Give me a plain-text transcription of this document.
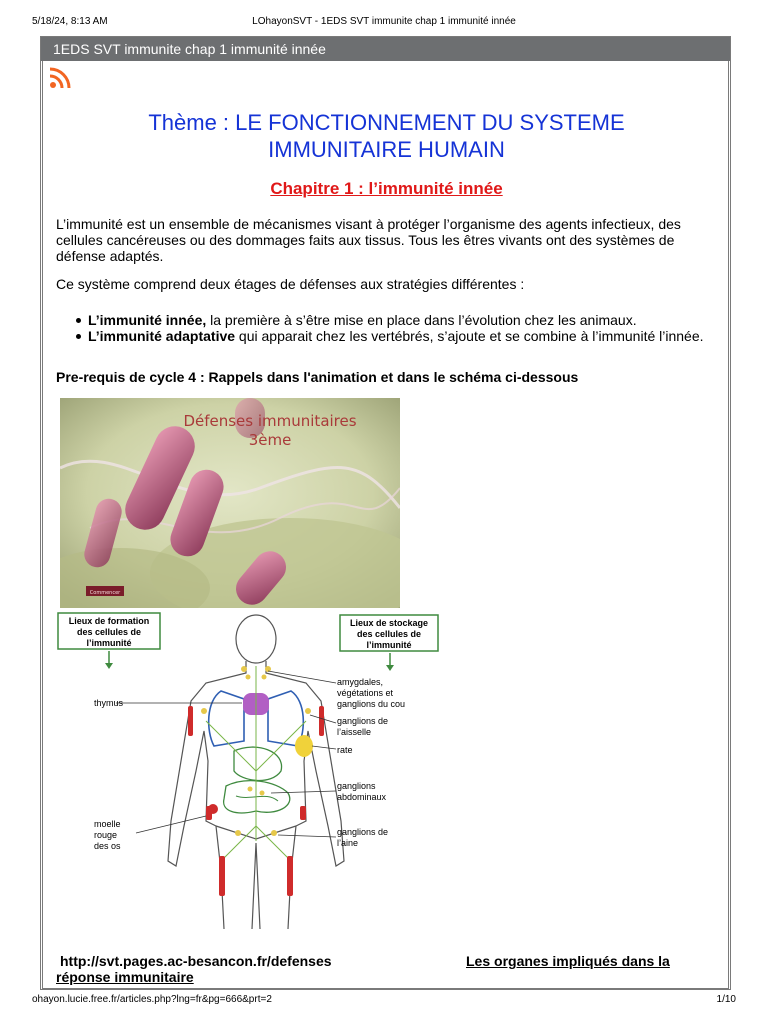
5/18/24, 8:13 AM	LOhayonSVT - 1EDS SVT immunite chap 1 immunité innée
1EDS SVT immunite chap 1 immunité innée
Thème : LE FONCTIONNEMENT DU SYSTEME
IMMUNITAIRE HUMAIN
Chapitre 1 : l’immunité innée

L’immunité est un ensemble de mécanismes visant à protéger l’organisme des agents infectieux, des cellules cancéreuses ou des dommages faits aux tissus. Tous les êtres vivants ont des systèmes de défense adaptés.

Ce système comprend deux étages de défenses aux stratégies différentes :

L’immunité innée, la première à s’être mise en place dans l’évolution chez les animaux.
L’immunité adaptative qui apparait chez les vertébrés, s’ajoute et se combine à l’immunité l’innée.
Pre-requis de cycle 4 : Rappels dans l'animation et dans le schéma ci-dessous
Défenses immunitaires
3ème
Commencer
Lieux de formation
des cellules de
l’immunité
Lieux de stockage
des cellules de
l’immunité
thymus
moelle
rouge
des os
amygdales,
végétations et
ganglions du cou
ganglions de
l’aisselle
rate
ganglions
abdominaux
ganglions de
l’aine
http://svt.pages.ac-besancon.fr/defenses	Les organes impliqués dans la
réponse immunitaire
ohayon.lucie.free.fr/articles.php?lng=fr&pg=666&prt=2	1/10
